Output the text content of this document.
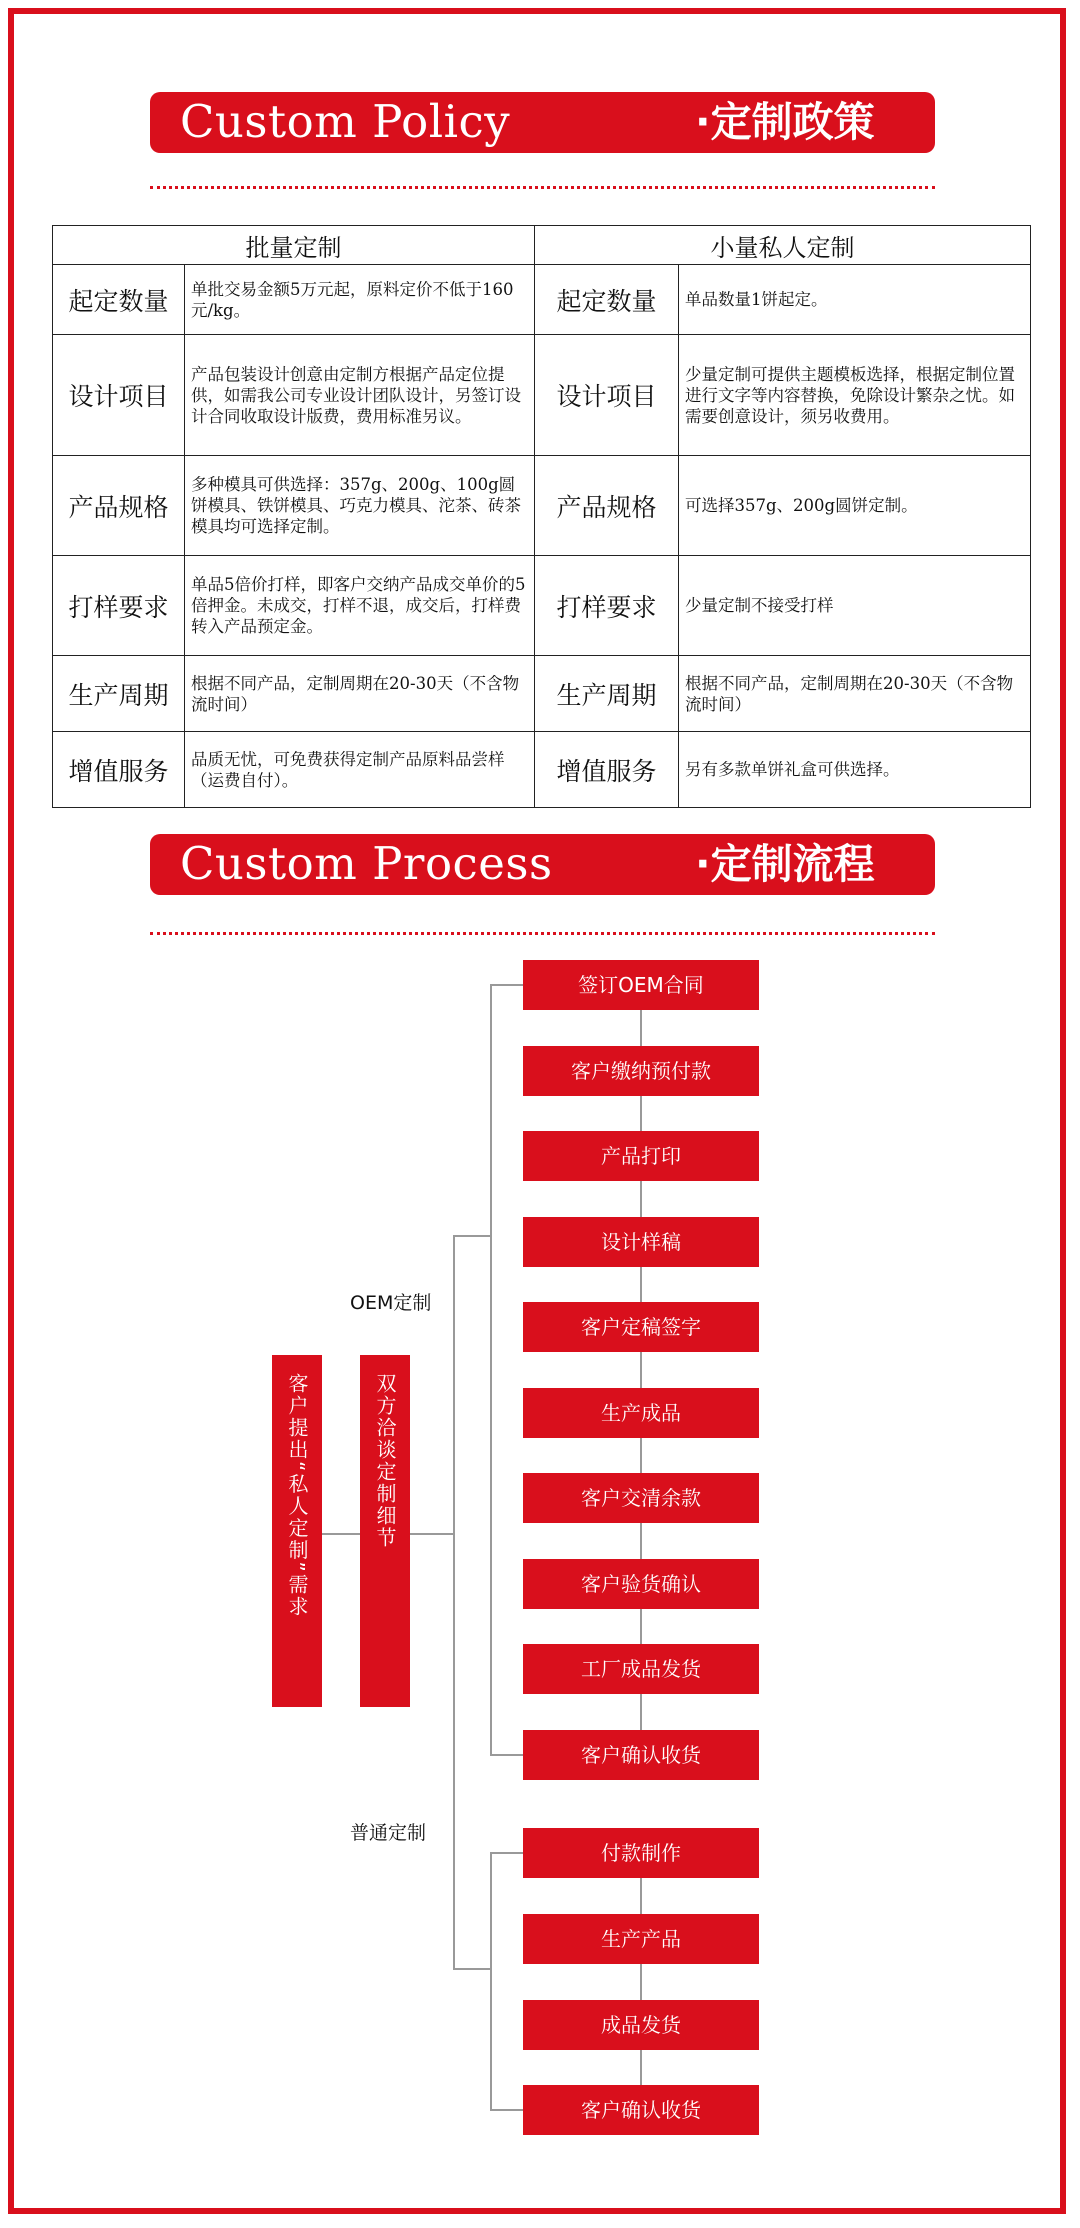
Custom Policy	·定制政策
批量定制		小量私人定制	
起定数量	单批交易金额5万元起，原料定价不低于160元/kg。	起定数量	单品数量1饼起定。
设计项目	产品包装设计创意由定制方根据产品定位提供，如需我公司专业设计团队设计，另签订设计合同收取设计版费，费用标准另议。	设计项目	少量定制可提供主题模板选择，根据定制位置进行文字等内容替换，免除设计繁杂之忧。如需要创意设计，须另收费用。
产品规格	多种模具可供选择：357g、200g、100g圆饼模具、铁饼模具、巧克力模具、沱茶、砖茶模具均可选择定制。	产品规格	可选择357g、200g圆饼定制。
打样要求	单品5倍价打样，即客户交纳产品成交单价的5倍押金。未成交，打样不退，成交后，打样费转入产品预定金。	打样要求	少量定制不接受打样
生产周期	根据不同产品，定制周期在20-30天（不含物流时间）	生产周期	根据不同产品，定制周期在20-30天（不含物流时间）
增值服务	品质无忧，可免费获得定制产品原料品尝样（运费自付）。	增值服务	另有多款单饼礼盒可供选择。
Custom Process	·定制流程
客户提出“私人定制”需求	双方洽谈定制细节
OEM定制
普通定制
签订OEM合同
客户缴纳预付款
产品打印
设计样稿
客户定稿签字
生产成品
客户交清余款
客户验货确认
工厂成品发货
客户确认收货
付款制作
生产产品
成品发货
客户确认收货
